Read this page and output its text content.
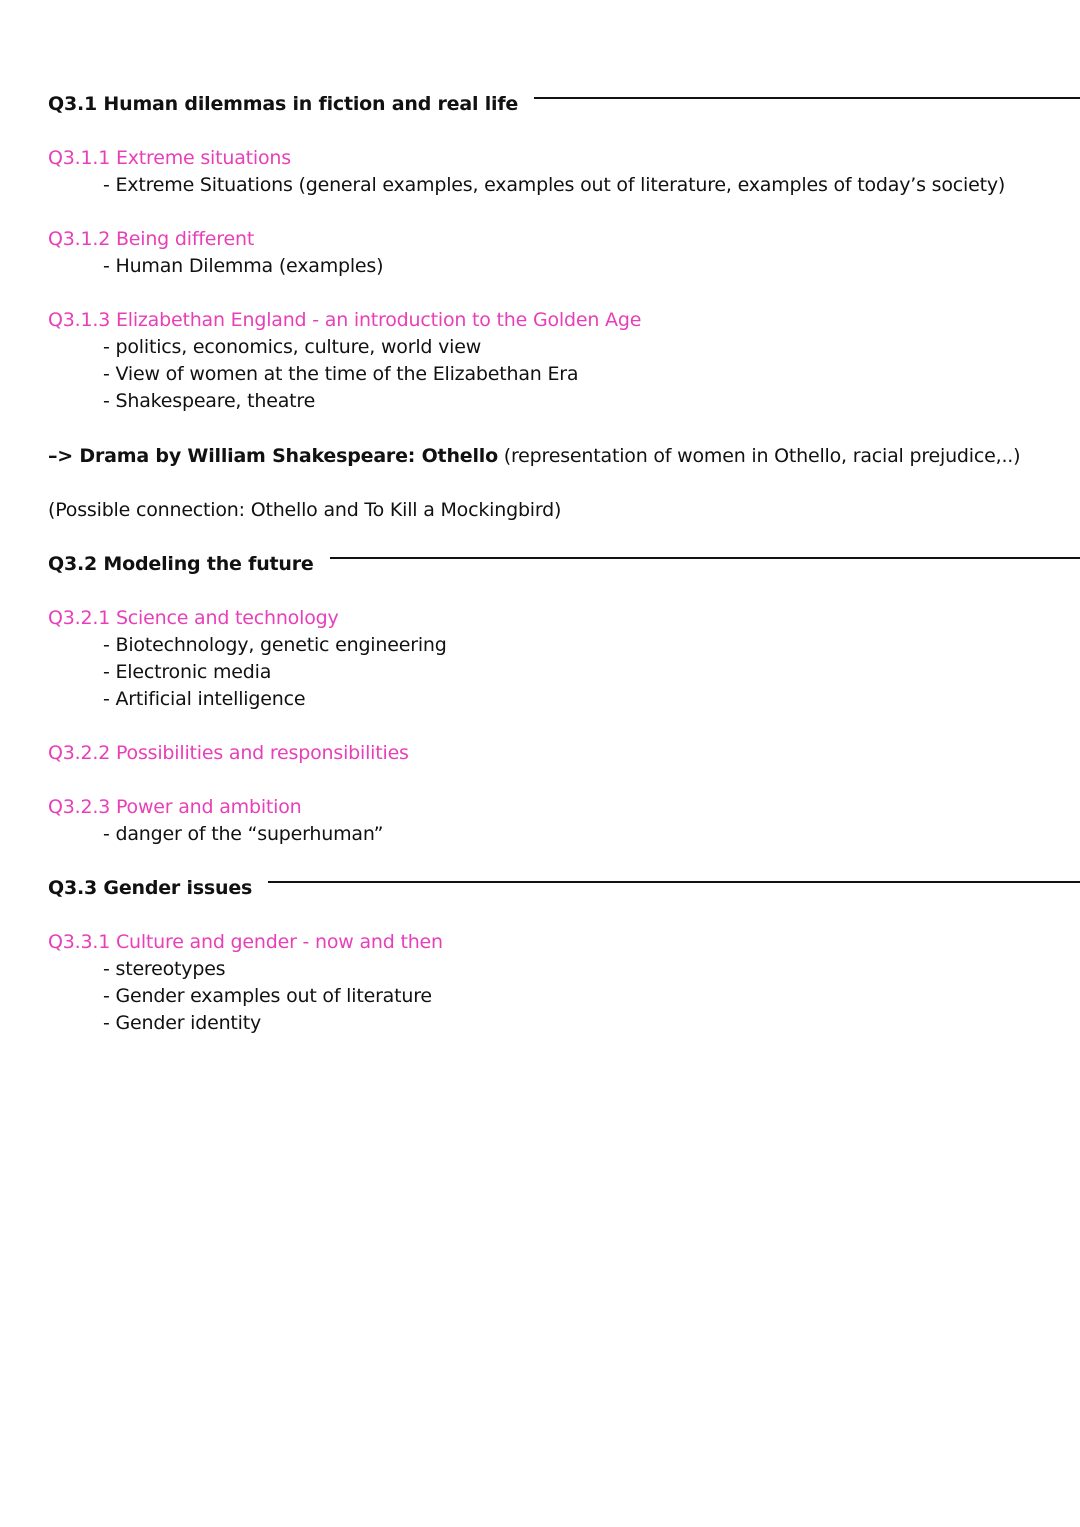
Q3.1 Human dilemmas in fiction and real life
Q3.1.1 Extreme situations
- Extreme Situations (general examples, examples out of literature, examples of today’s society)
Q3.1.2 Being different
- Human Dilemma (examples)
Q3.1.3 Elizabethan England - an introduction to the Golden Age
- politics, economics, culture, world view
- View of women at the time of the Elizabethan Era
- Shakespeare, theatre
–> Drama by William Shakespeare: Othello (representation of women in Othello, racial prejudice,..)
(Possible connection: Othello and To Kill a Mockingbird)
Q3.2 Modeling the future
Q3.2.1 Science and technology
- Biotechnology, genetic engineering
- Electronic media
- Artificial intelligence
Q3.2.2 Possibilities and responsibilities
Q3.2.3 Power and ambition
- danger of the “superhuman”
Q3.3 Gender issues
Q3.3.1 Culture and gender - now and then
- stereotypes
- Gender examples out of literature
- Gender identity
